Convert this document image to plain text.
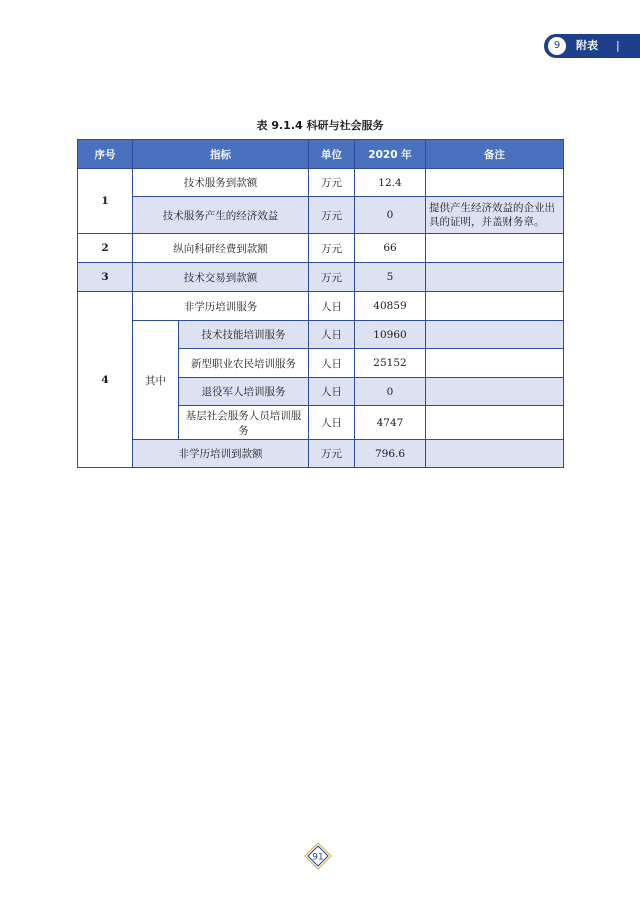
9	附表 |
表 9.1.4 科研与社会服务
序号	指标		单位	2020 年	备注
1	技术服务到款额		万元	12.4	
	技术服务产生的经济效益		万元	0	提供产生经济效益的企业出具的证明，并盖财务章。
2	纵向科研经费到款额		万元	66	
3	技术交易到款额		万元	5	
4	非学历培训服务		人日	40859	
	其中	技术技能培训服务	人日	10960	
		新型职业农民培训服务	人日	25152	
		退役军人培训服务	人日	0	
		基层社会服务人员培训服务	人日	4747	
	非学历培训到款额		万元	796.6	
91
